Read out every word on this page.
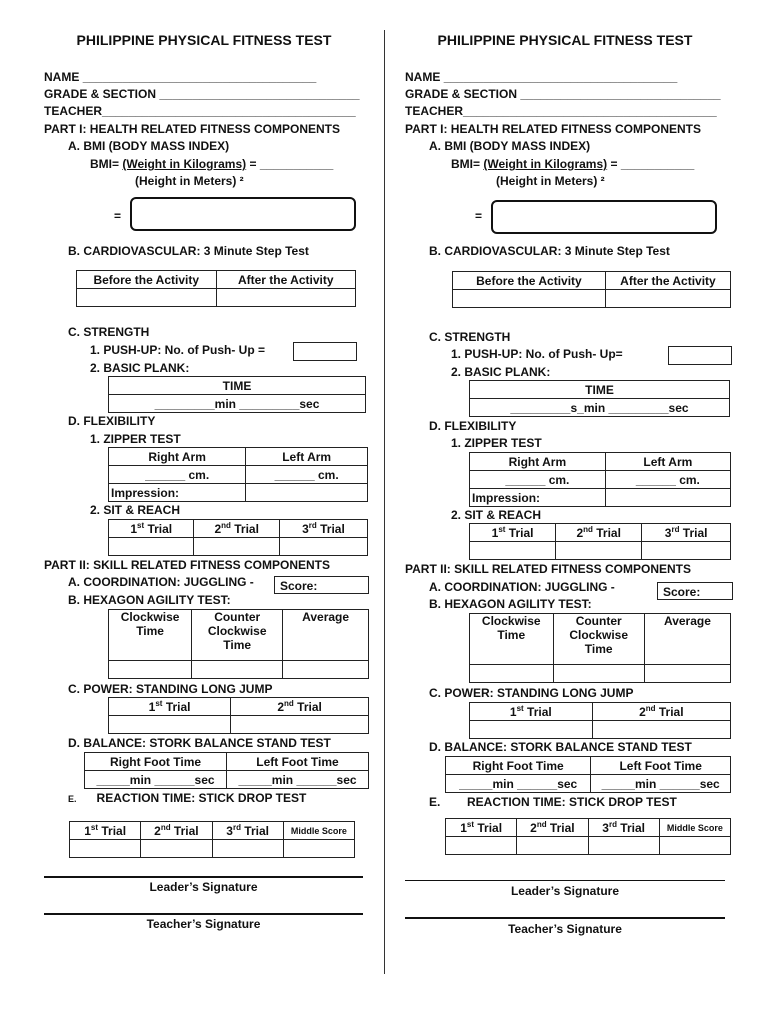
PHILIPPINE PHYSICAL FITNESS TEST
NAME ___________________________________
GRADE & SECTION ______________________________
TEACHER______________________________________
PART I: HEALTH RELATED FITNESS COMPONENTS
A. BMI (BODY MASS INDEX)
BMI= (Weight in Kilograms) = ___________
(Height in Meters) ²
=
B. CARDIOVASCULAR: 3 Minute Step Test
Before the Activity	After the Activity

C. STRENGTH
1. PUSH-UP: No. of Push- Up =
2. BASIC PLANK:
TIME
_________min _________sec
D. FLEXIBILITY
1. ZIPPER TEST
Right Arm	Left Arm
______ cm.	______ cm.
Impression:	
2. SIT & REACH
1st Trial	2nd Trial	3rd Trial

PART II: SKILL RELATED FITNESS COMPONENTS
A. COORDINATION: JUGGLING -	Score:
B. HEXAGON AGILITY TEST:
Clockwise Time	Counter Clockwise Time	Average

C. POWER: STANDING LONG JUMP
1st Trial	2nd Trial

D. BALANCE: STORK BALANCE STAND TEST
Right Foot Time	Left Foot Time
_____min ______sec	_____min ______sec
E. REACTION TIME: STICK DROP TEST
1st Trial	2nd Trial	3rd Trial	Middle Score

Leader’s Signature
Teacher’s Signature
PHILIPPINE PHYSICAL FITNESS TEST
NAME ___________________________________
GRADE & SECTION ______________________________
TEACHER______________________________________
PART I: HEALTH RELATED FITNESS COMPONENTS
A. BMI (BODY MASS INDEX)
BMI= (Weight in Kilograms) = ___________
(Height in Meters) ²
=
B. CARDIOVASCULAR: 3 Minute Step Test
Before the Activity	After the Activity

C. STRENGTH
1. PUSH-UP: No. of Push- Up=
2. BASIC PLANK:
TIME
_________s_min _________sec
D. FLEXIBILITY
1. ZIPPER TEST
Right Arm	Left Arm
______ cm.	______ cm.
Impression:	
2. SIT & REACH
1st Trial	2nd Trial	3rd Trial

PART II: SKILL RELATED FITNESS COMPONENTS
A. COORDINATION: JUGGLING -	Score:
B. HEXAGON AGILITY TEST:
Clockwise Time	Counter Clockwise Time	Average

C. POWER: STANDING LONG JUMP
1st Trial	2nd Trial

D. BALANCE: STORK BALANCE STAND TEST
Right Foot Time	Left Foot Time
_____min ______sec	_____min ______sec
E. REACTION TIME: STICK DROP TEST
1st Trial	2nd Trial	3rd Trial	Middle Score

Leader’s Signature
Teacher’s Signature
